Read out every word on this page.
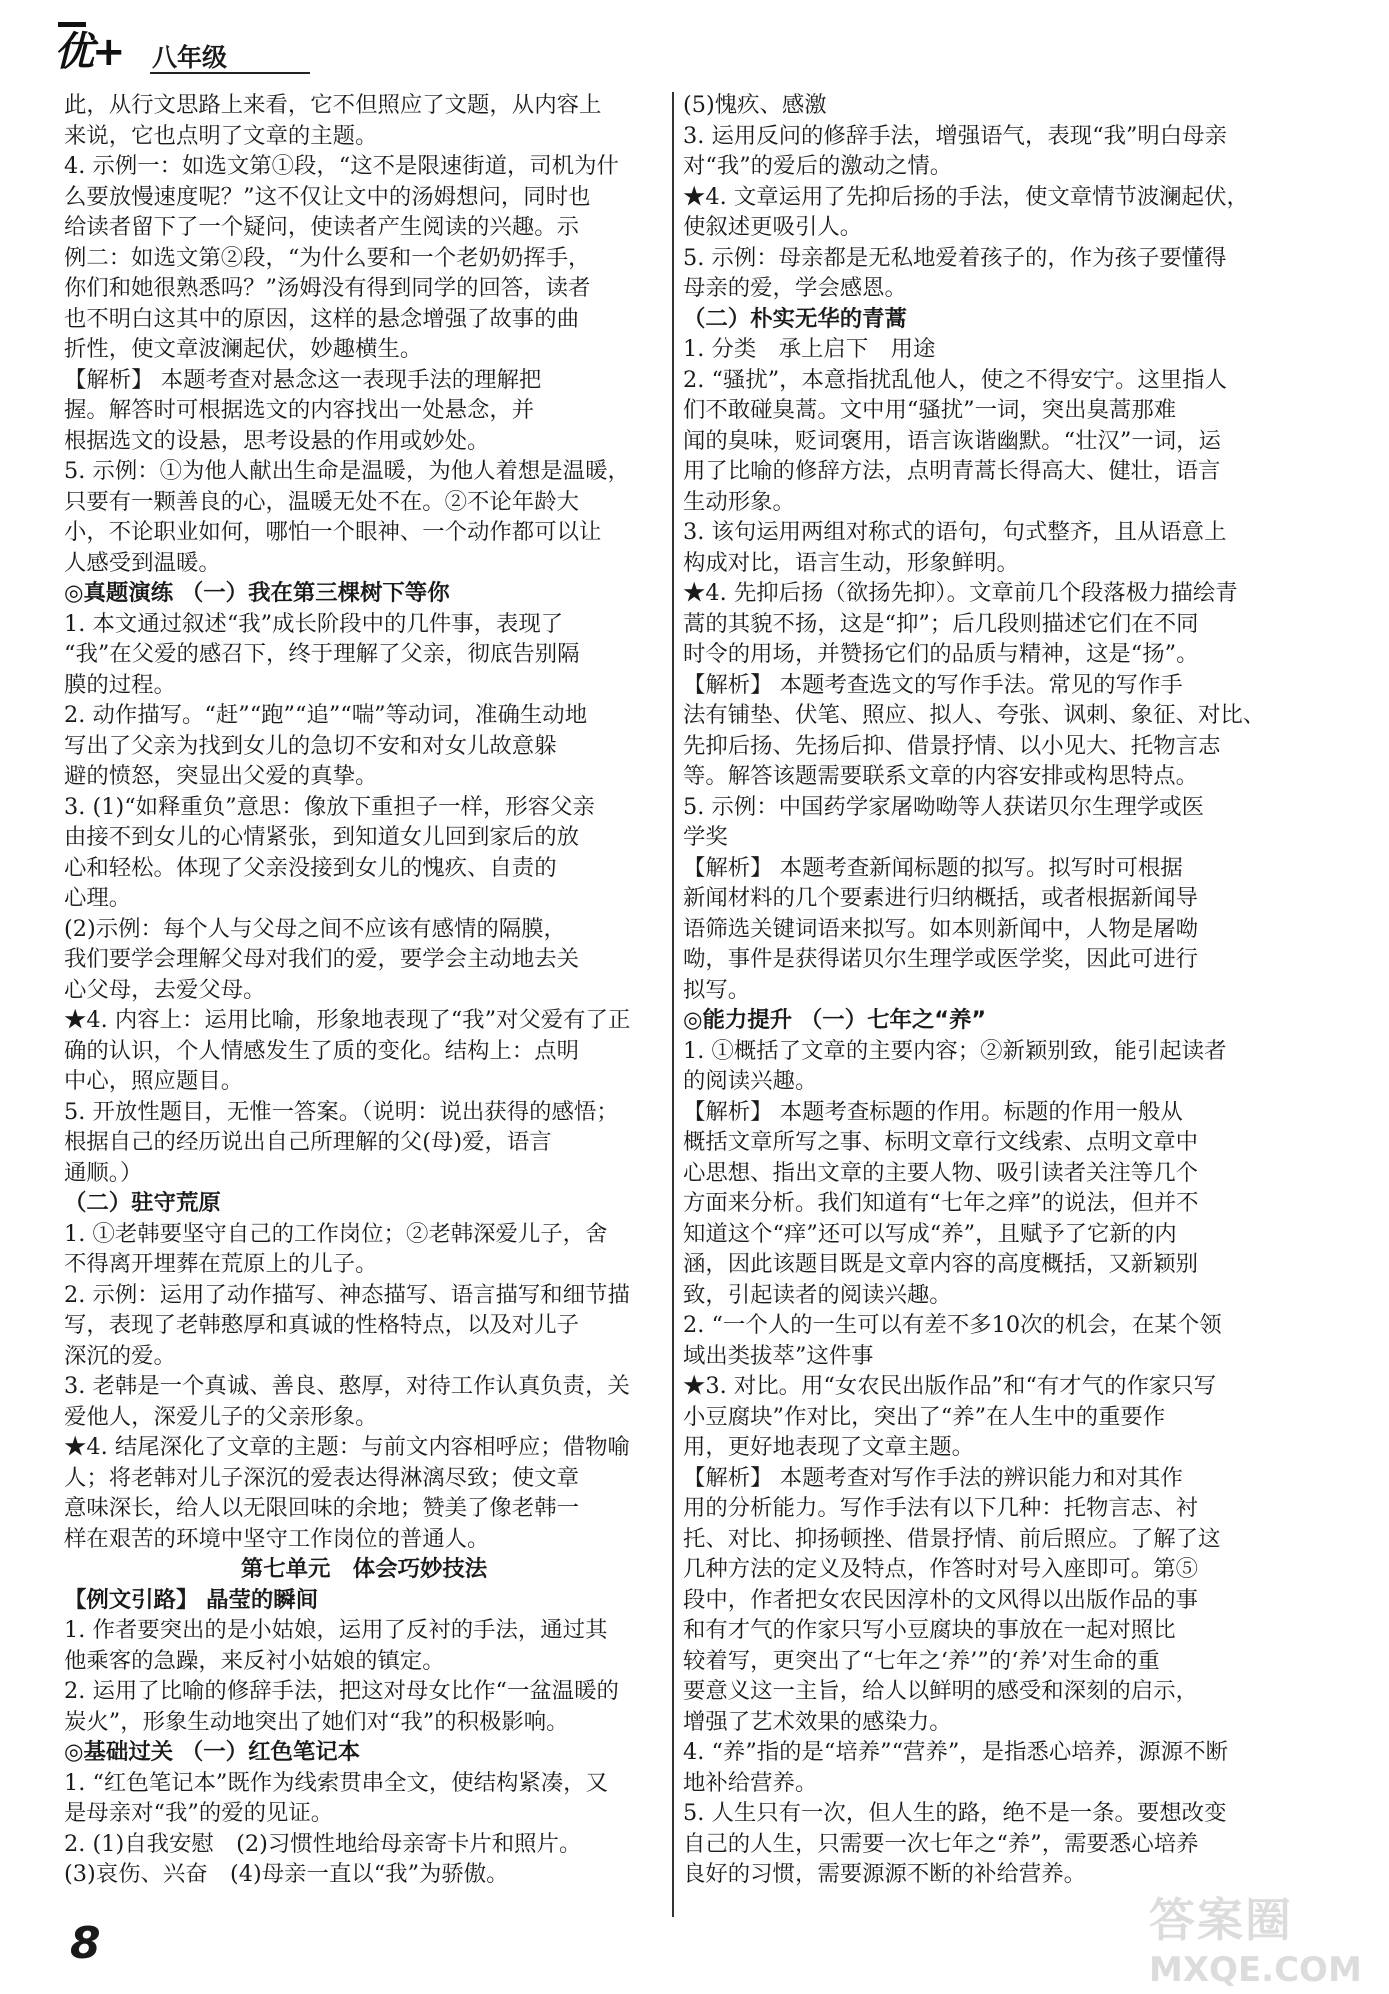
优+ 八年级

此，从行文思路上来看，它不但照应了文题，从内容上

来说，它也点明了文章的主题。

4. 示例一：如选文第①段，“这不是限速街道，司机为什

么要放慢速度呢？”这不仅让文中的汤姆想问，同时也

给读者留下了一个疑问，使读者产生阅读的兴趣。示

例二：如选文第②段，“为什么要和一个老奶奶挥手，

你们和她很熟悉吗？”汤姆没有得到同学的回答，读者

也不明白这其中的原因，这样的悬念增强了故事的曲

折性，使文章波澜起伏，妙趣横生。

【解析】 本题考查对悬念这一表现手法的理解把

握。解答时可根据选文的内容找出一处悬念，并

根据选文的设悬，思考设悬的作用或妙处。

5. 示例：①为他人献出生命是温暖，为他人着想是温暖，

只要有一颗善良的心，温暖无处不在。②不论年龄大

小，不论职业如何，哪怕一个眼神、一个动作都可以让

人感受到温暖。

◎真题演练 （一）我在第三棵树下等你

1. 本文通过叙述“我”成长阶段中的几件事，表现了

“我”在父爱的感召下，终于理解了父亲，彻底告别隔

膜的过程。

2. 动作描写。“赶”“跑”“追”“喘”等动词，准确生动地

写出了父亲为找到女儿的急切不安和对女儿故意躲

避的愤怒，突显出父爱的真挚。

3. (1)“如释重负”意思：像放下重担子一样，形容父亲

由接不到女儿的心情紧张，到知道女儿回到家后的放

心和轻松。体现了父亲没接到女儿的愧疚、自责的

心理。

(2)示例：每个人与父母之间不应该有感情的隔膜，

我们要学会理解父母对我们的爱，要学会主动地去关

心父母，去爱父母。

★4. 内容上：运用比喻，形象地表现了“我”对父爱有了正

确的认识，个人情感发生了质的变化。结构上：点明

中心，照应题目。

5. 开放性题目，无惟一答案。（说明：说出获得的感悟；

根据自己的经历说出自己所理解的父(母)爱，语言

通顺。）

（二）驻守荒原

1. ①老韩要坚守自己的工作岗位；②老韩深爱儿子，舍

不得离开埋葬在荒原上的儿子。

2. 示例：运用了动作描写、神态描写、语言描写和细节描

写，表现了老韩憨厚和真诚的性格特点，以及对儿子

深沉的爱。

3. 老韩是一个真诚、善良、憨厚，对待工作认真负责，关

爱他人，深爱儿子的父亲形象。

★4. 结尾深化了文章的主题：与前文内容相呼应；借物喻

人；将老韩对儿子深沉的爱表达得淋漓尽致；使文章

意味深长，给人以无限回味的余地；赞美了像老韩一

样在艰苦的环境中坚守工作岗位的普通人。

第七单元　体会巧妙技法

【例文引路】 晶莹的瞬间

1. 作者要突出的是小姑娘，运用了反衬的手法，通过其

他乘客的急躁，来反衬小姑娘的镇定。

2. 运用了比喻的修辞手法，把这对母女比作“一盆温暖的

炭火”，形象生动地突出了她们对“我”的积极影响。

◎基础过关 （一）红色笔记本

1. “红色笔记本”既作为线索贯串全文，使结构紧凑，又

是母亲对“我”的爱的见证。

2. (1)自我安慰　(2)习惯性地给母亲寄卡片和照片。

(3)哀伤、兴奋　(4)母亲一直以“我”为骄傲。

(5)愧疚、感激

3. 运用反问的修辞手法，增强语气，表现“我”明白母亲

对“我”的爱后的激动之情。

★4. 文章运用了先抑后扬的手法，使文章情节波澜起伏，

使叙述更吸引人。

5. 示例：母亲都是无私地爱着孩子的，作为孩子要懂得

母亲的爱，学会感恩。

（二）朴实无华的青蒿

1. 分类　承上启下　用途

2. “骚扰”，本意指扰乱他人，使之不得安宁。这里指人

们不敢碰臭蒿。文中用“骚扰”一词，突出臭蒿那难

闻的臭味，贬词褒用，语言诙谐幽默。“壮汉”一词，运

用了比喻的修辞方法，点明青蒿长得高大、健壮，语言

生动形象。

3. 该句运用两组对称式的语句，句式整齐，且从语意上

构成对比，语言生动，形象鲜明。

★4. 先抑后扬（欲扬先抑）。文章前几个段落极力描绘青

蒿的其貌不扬，这是“抑”；后几段则描述它们在不同

时令的用场，并赞扬它们的品质与精神，这是“扬”。

【解析】 本题考查选文的写作手法。常见的写作手

法有铺垫、伏笔、照应、拟人、夸张、讽刺、象征、对比、

先抑后扬、先扬后抑、借景抒情、以小见大、托物言志

等。解答该题需要联系文章的内容安排或构思特点。

5. 示例：中国药学家屠呦呦等人获诺贝尔生理学或医

学奖

【解析】 本题考查新闻标题的拟写。拟写时可根据

新闻材料的几个要素进行归纳概括，或者根据新闻导

语筛选关键词语来拟写。如本则新闻中，人物是屠呦

呦，事件是获得诺贝尔生理学或医学奖，因此可进行

拟写。

◎能力提升 （一）七年之“养”

1. ①概括了文章的主要内容；②新颖别致，能引起读者

的阅读兴趣。

【解析】 本题考查标题的作用。标题的作用一般从

概括文章所写之事、标明文章行文线索、点明文章中

心思想、指出文章的主要人物、吸引读者关注等几个

方面来分析。我们知道有“七年之痒”的说法，但并不

知道这个“痒”还可以写成“养”，且赋予了它新的内

涵，因此该题目既是文章内容的高度概括，又新颖别

致，引起读者的阅读兴趣。

2. “一个人的一生可以有差不多10次的机会，在某个领

域出类拔萃”这件事

★3. 对比。用“女农民出版作品”和“有才气的作家只写

小豆腐块”作对比，突出了“养”在人生中的重要作

用，更好地表现了文章主题。

【解析】 本题考查对写作手法的辨识能力和对其作

用的分析能力。写作手法有以下几种：托物言志、衬

托、对比、抑扬顿挫、借景抒情、前后照应。了解了这

几种方法的定义及特点，作答时对号入座即可。第⑤

段中，作者把女农民因淳朴的文风得以出版作品的事

和有才气的作家只写小豆腐块的事放在一起对照比

较着写，更突出了“七年之‘养’”的‘养’对生命的重

要意义这一主旨，给人以鲜明的感受和深刻的启示，

增强了艺术效果的感染力。

4. “养”指的是“培养”“营养”，是指悉心培养，源源不断

地补给营养。

5. 人生只有一次，但人生的路，绝不是一条。要想改变

自己的人生，只需要一次七年之“养”，需要悉心培养

良好的习惯，需要源源不断的补给营养。

8	答案圈
MXQE.COM
